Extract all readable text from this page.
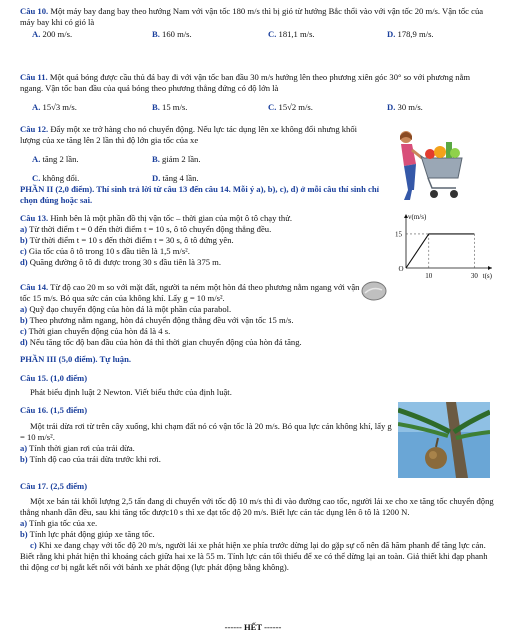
Câu 10. Một máy bay đang bay theo hướng Nam với vận tốc 180 m/s thì bị gió từ hướng Bắc thổi vào với vận tốc 20 m/s. Vận tốc của máy bay khi có gió là
A. 200 m/s.	B. 160 m/s.	C. 181,1 m/s.	D. 178,9 m/s.
Câu 11. Một quả bóng được cầu thủ đá bay đi với vận tốc ban đầu 30 m/s hướng lên theo phương xiên góc 30° so với phương nằm ngang. Vận tốc ban đầu của quả bóng theo phương thẳng đứng có độ lớn là
A. 15√3 m/s.	B. 15 m/s.	C. 15√2 m/s.	D. 30 m/s.
Câu 12. Đẩy một xe trở hàng cho nó chuyển động. Nếu lực tác dụng lên xe không đổi nhưng khối lượng của xe tăng lên 2 lần thì độ lớn gia tốc của xe
A. tăng 2 lần.	B. giảm 2 lần.
C. không đổi.	D. tăng 4 lần.
PHẦN II (2,0 điểm). Thí sinh trả lời từ câu 13 đến câu 14. Mỗi ý a), b), c), d) ở mỗi câu thí sinh chỉ chọn đúng hoặc sai.
Câu 13. Hình bên là một phần đồ thị vận tốc – thời gian của một ô tô chạy thử.
a) Từ thời điểm t = 0 đến thời điểm t = 10 s, ô tô chuyển động thẳng đều.
b) Từ thời điểm t = 10 s đến thời điểm t = 30 s, ô tô đứng yên.
c) Gia tốc của ô tô trong 10 s đầu tiên là 1,5 m/s².
d) Quãng đường ô tô đi được trong 30 s đầu tiên là 375 m.
v(m/s)
t(s)
O
15
10	30
Câu 14. Từ độ cao 20 m so với mặt đất, người ta ném một hòn đá theo phương nằm ngang với vận tốc 15 m/s. Bỏ qua sức cản của không khí. Lấy g = 10 m/s².
a) Quỹ đạo chuyển động của hòn đá là một phần của parabol.
b) Theo phương nằm ngang, hòn đá chuyển động thẳng đều với vận tốc 15 m/s.
c) Thời gian chuyển động của hòn đá là 4 s.
d) Nếu tăng tốc độ ban đầu của hòn đá thì thời gian chuyển động của hòn đá tăng.
PHẦN III (5,0 điểm). Tự luận.
Câu 15. (1,0 điểm)
Phát biểu định luật 2 Newton. Viết biểu thức của định luật.
Câu 16. (1,5 điểm)
Một trái dừa rơi từ trên cây xuống, khi chạm đất nó có vận tốc là 20 m/s. Bỏ qua lực cản không khí, lấy g = 10 m/s².
a) Tính thời gian rơi của trái dừa.
b) Tính độ cao của trái dừa trước khi rơi.
Câu 17. (2,5 điểm)
Một xe bán tải khối lượng 2,5 tấn đang di chuyển với tốc độ 10 m/s thì đi vào đường cao tốc, người lái xe cho xe tăng tốc chuyển động thẳng nhanh dần đều, sau khi tăng tốc được10 s thì xe đạt tốc độ 20 m/s. Biết lực cản tác dụng lên ô tô là 1200 N.
a) Tính gia tốc của xe.
b) Tính lực phát động giúp xe tăng tốc.
c) Khi xe đang chạy với tốc độ 20 m/s, người lái xe phát hiện xe phía trước dừng lại do gặp sự cố nên đã hãm phanh để tăng lực cản. Biết rằng khi phát hiện thì khoảng cách giữa hai xe là 55 m. Tính lực cản tối thiểu để xe có thể dừng lại an toàn. Giả thiết khi đạp phanh thì động cơ bị ngắt kết nối với bánh xe phát động (lực phát động bằng không).
------ HẾT ------
